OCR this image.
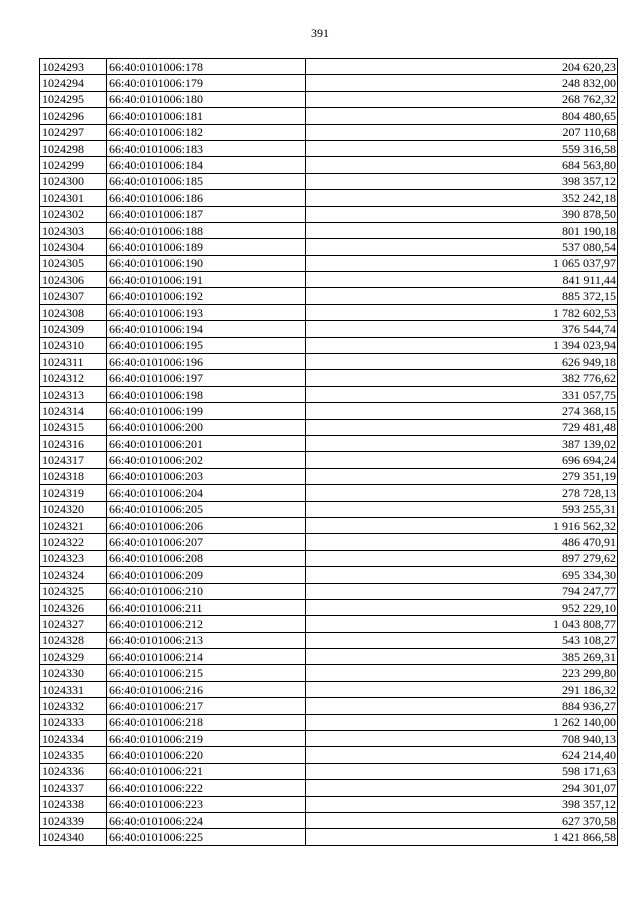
391
1024293	66:40:0101006:178	204 620,23
1024294	66:40:0101006:179	248 832,00
1024295	66:40:0101006:180	268 762,32
1024296	66:40:0101006:181	804 480,65
1024297	66:40:0101006:182	207 110,68
1024298	66:40:0101006:183	559 316,58
1024299	66:40:0101006:184	684 563,80
1024300	66:40:0101006:185	398 357,12
1024301	66:40:0101006:186	352 242,18
1024302	66:40:0101006:187	390 878,50
1024303	66:40:0101006:188	801 190,18
1024304	66:40:0101006:189	537 080,54
1024305	66:40:0101006:190	1 065 037,97
1024306	66:40:0101006:191	841 911,44
1024307	66:40:0101006:192	885 372,15
1024308	66:40:0101006:193	1 782 602,53
1024309	66:40:0101006:194	376 544,74
1024310	66:40:0101006:195	1 394 023,94
1024311	66:40:0101006:196	626 949,18
1024312	66:40:0101006:197	382 776,62
1024313	66:40:0101006:198	331 057,75
1024314	66:40:0101006:199	274 368,15
1024315	66:40:0101006:200	729 481,48
1024316	66:40:0101006:201	387 139,02
1024317	66:40:0101006:202	696 694,24
1024318	66:40:0101006:203	279 351,19
1024319	66:40:0101006:204	278 728,13
1024320	66:40:0101006:205	593 255,31
1024321	66:40:0101006:206	1 916 562,32
1024322	66:40:0101006:207	486 470,91
1024323	66:40:0101006:208	897 279,62
1024324	66:40:0101006:209	695 334,30
1024325	66:40:0101006:210	794 247,77
1024326	66:40:0101006:211	952 229,10
1024327	66:40:0101006:212	1 043 808,77
1024328	66:40:0101006:213	543 108,27
1024329	66:40:0101006:214	385 269,31
1024330	66:40:0101006:215	223 299,80
1024331	66:40:0101006:216	291 186,32
1024332	66:40:0101006:217	884 936,27
1024333	66:40:0101006:218	1 262 140,00
1024334	66:40:0101006:219	708 940,13
1024335	66:40:0101006:220	624 214,40
1024336	66:40:0101006:221	598 171,63
1024337	66:40:0101006:222	294 301,07
1024338	66:40:0101006:223	398 357,12
1024339	66:40:0101006:224	627 370,58
1024340	66:40:0101006:225	1 421 866,58
